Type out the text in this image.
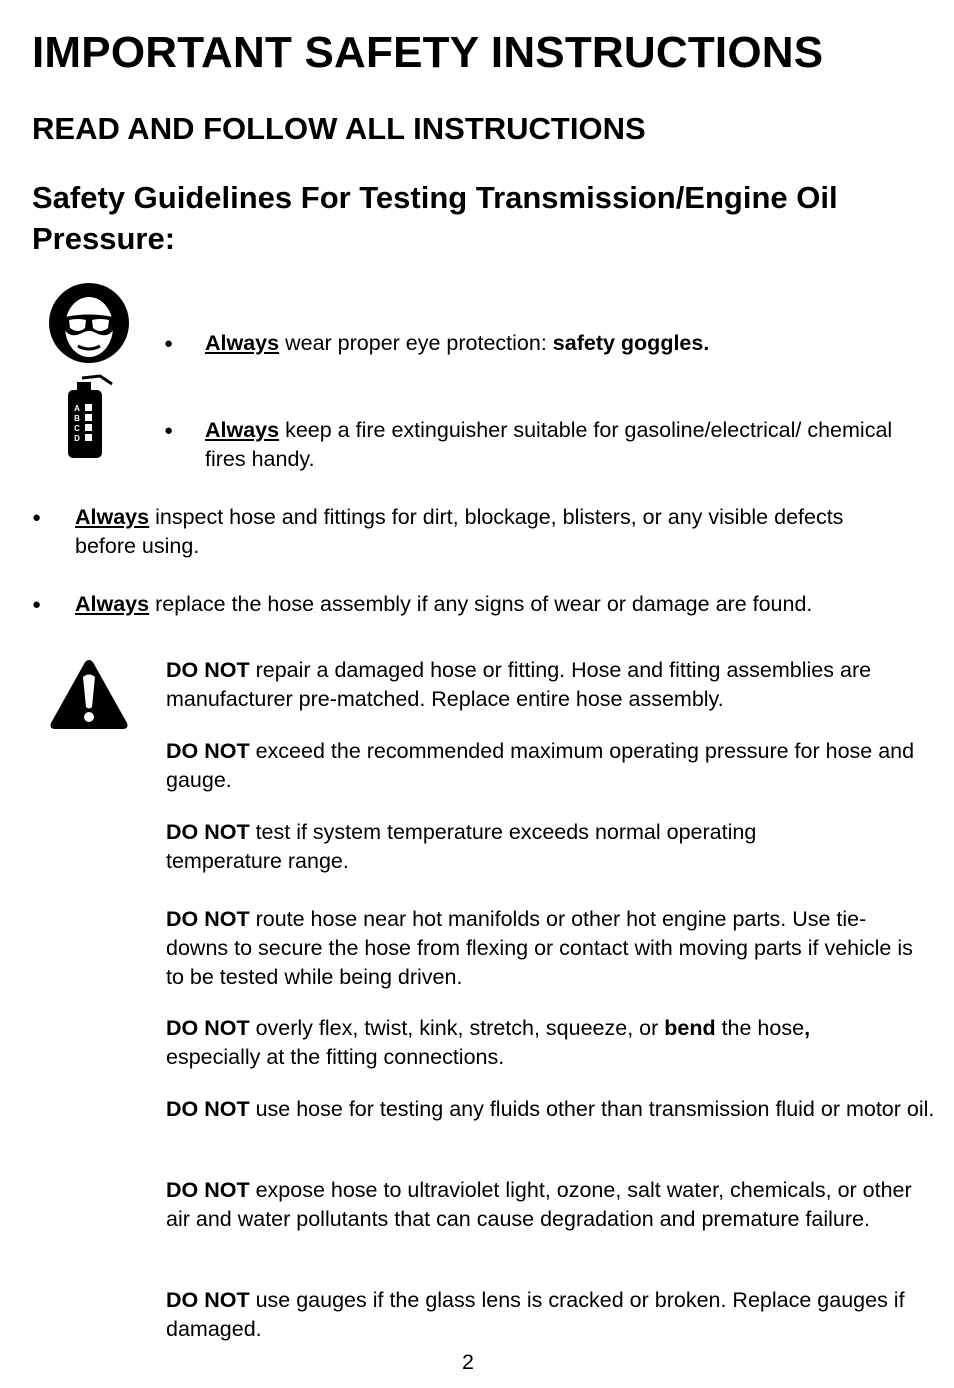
IMPORTANT SAFETY INSTRUCTIONS
READ AND FOLLOW ALL INSTRUCTIONS
Safety Guidelines For Testing Transmission/Engine Oil Pressure:
A
B
C
D
● Always wear proper eye protection: safety goggles.
● Always keep a fire extinguisher suitable for gasoline/electrical/ chemical fires handy.
● Always inspect hose and fittings for dirt, blockage, blisters, or any visible defects before using.
● Always replace the hose assembly if any signs of wear or damage are found.
DO NOT repair a damaged hose or fitting. Hose and fitting assemblies are manufacturer pre-matched. Replace entire hose assembly.
DO NOT exceed the recommended maximum operating pressure for hose and gauge.
DO NOT test if system temperature exceeds normal operating temperature range.
DO NOT route hose near hot manifolds or other hot engine parts. Use tie-downs to secure the hose from flexing or contact with moving parts if vehicle is to be tested while being driven.
DO NOT overly flex, twist, kink, stretch, squeeze, or bend the hose, especially at the fitting connections.
DO NOT use hose for testing any fluids other than transmission fluid or motor oil.
DO NOT expose hose to ultraviolet light, ozone, salt water, chemicals, or other air and water pollutants that can cause degradation and premature failure.
DO NOT use gauges if the glass lens is cracked or broken. Replace gauges if damaged.
2
